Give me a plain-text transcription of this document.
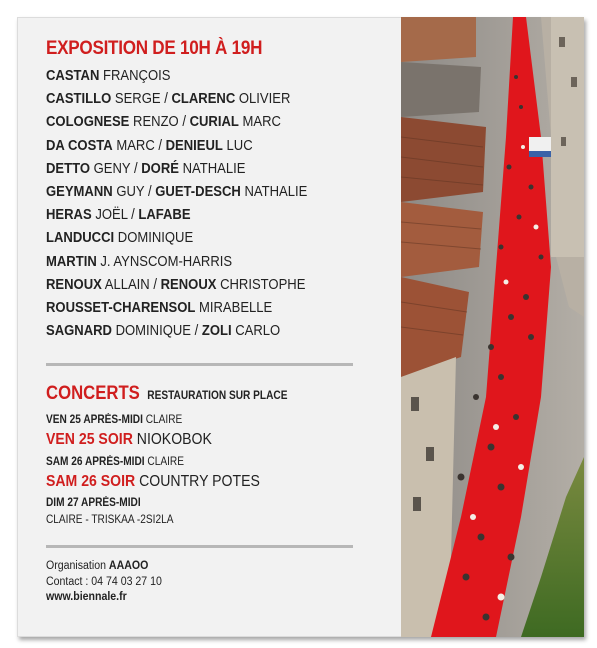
EXPOSITION DE 10H À 19H
CASTAN FRANÇOIS
CASTILLO SERGE / CLARENC OLIVIER
COLOGNESE RENZO / CURIAL MARC
DA COSTA MARC / DENIEUL LUC
DETTO GENY / DORÉ NATHALIE
GEYMANN GUY / GUET-DESCH NATHALIE
HERAS JOËL / LAFABE
LANDUCCI DOMINIQUE
MARTIN J. AYNSCOM-HARRIS
RENOUX ALLAIN / RENOUX CHRISTOPHE
ROUSSET-CHARENSOL MIRABELLE
SAGNARD DOMINIQUE / ZOLI CARLO
CONCERTS RESTAURATION SUR PLACE
VEN 25 APRÈS-MIDI CLAIRE
VEN 25 SOIR NIOKOBOK
SAM 26 APRÈS-MIDI CLAIRE
SAM 26 SOIR COUNTRY POTES
DIM 27 APRÈS-MIDI
CLAIRE - TRISKAA -2SI2LA
Organisation AAAOO
Contact : 04 74 03 27 10
www.biennale.fr
